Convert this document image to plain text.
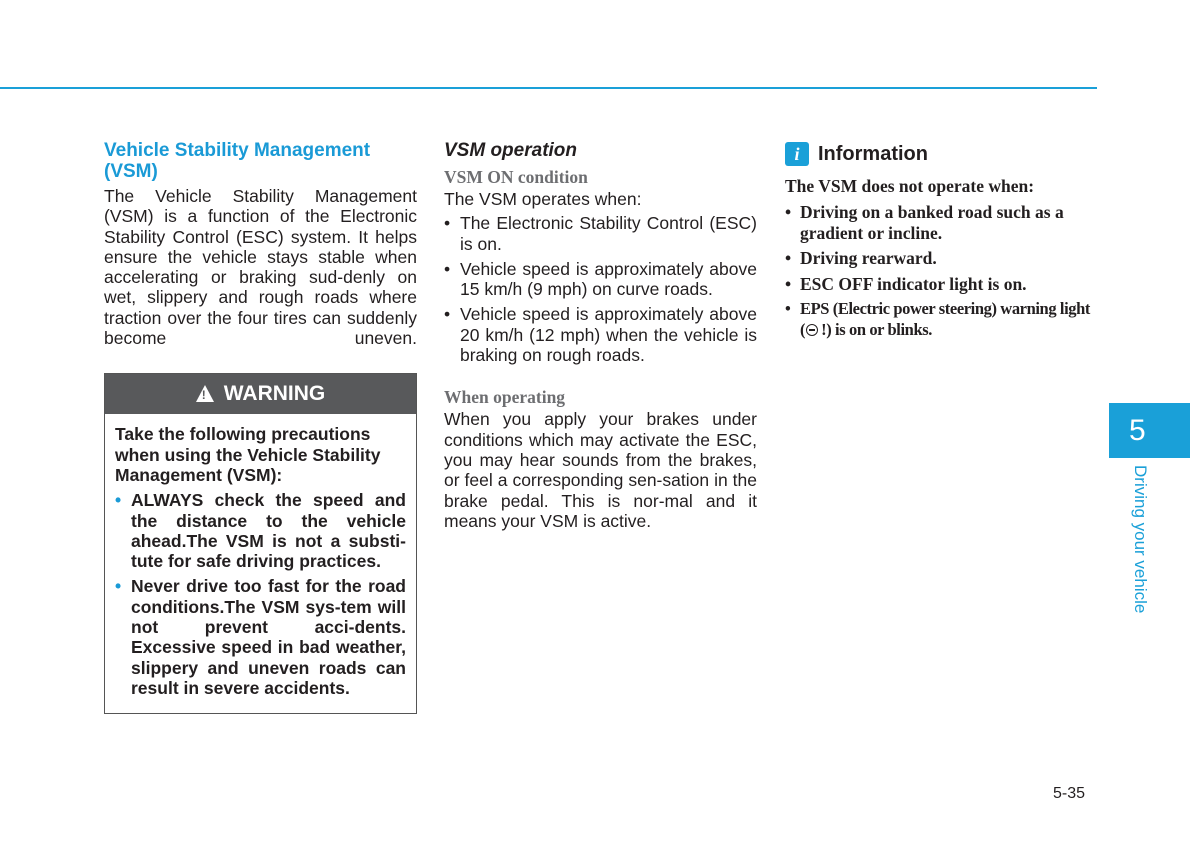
Vehicle Stability Management (VSM)

The Vehicle Stability Management (VSM) is a function of the Electronic Stability Control (ESC) system. It helps ensure the vehicle stays stable when accelerating or braking sud-denly on wet, slippery and rough roads where traction over the four tires can suddenly become uneven.

!
WARNING

Take the following precautions when using the Vehicle Stability Management (VSM):

• ALWAYS check the speed and the distance to the vehicle ahead.The VSM is not a substi-tute for safe driving practices.
• Never drive too fast for the road conditions.The VSM sys-tem will not prevent acci-dents. Excessive speed in bad weather, slippery and uneven roads can result in severe accidents.
VSM operation
VSM ON condition

The VSM operates when:

• The Electronic Stability Control (ESC) is on.
• Vehicle speed is approximately above 15 km/h (9 mph) on curve roads.
• Vehicle speed is approximately above 20 km/h (12 mph) when the vehicle is braking on rough roads.
When operating

When you apply your brakes under conditions which may activate the ESC, you may hear sounds from the brakes, or feel a corresponding sen-sation in the brake pedal. This is nor-mal and it means your VSM is active.

i Information

The VSM does not operate when:

• Driving on a banked road such as a gradient or incline.
• Driving rearward.
• ESC OFF indicator light is on.
• EPS (Electric power steering) warning light ( !) is on or blinks.
5
Driving your vehicle
5-35
